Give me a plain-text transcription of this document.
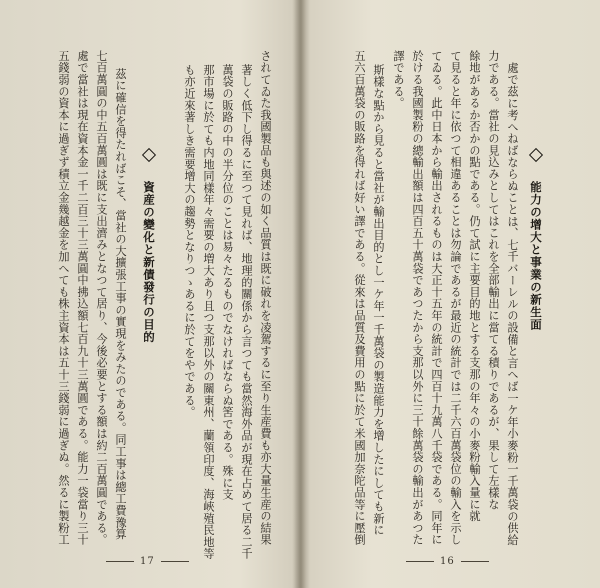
されてゐた我國製品も與述の如く品質は既に破れを凌駕するに至り生産費も亦大量生産の結果
著しく低下し得るに至つて見れば、地理的關係から言つても當然海外品が現在占めて居る二千
萬袋の販路の中の半分位のことは易々たるものでなければならぬ筈である。殊に支
那市場に於ても内地同樣年々需要の増大あり且つ支那以外の關東州、蘭領印度、海峽殖民地等
も亦近來著しき需要增大の趨勢となりつゝあるに於てをやである。
資産の變化と新債發行の目的
茲に確信を得たればこそ、當社の大擴張工事の實現をみたのである。同工事は總工費豫算
七百萬圓の中五百萬圓は既に支出濟みとなつて居り、今後必要とする額は約二百萬圓である。
處で當社は現在資本金一千二百三十三萬圓中拂込額七百九十三萬圓である。能力一袋當り三十
五錢弱の資本に過ぎず積立金幾越金を加へても株主資本は五十三錢弱に過ぎぬ。然るに製粉工
17
能力の增大と事業の新生面
處で茲に考へねばならぬことは、七千バーレルの設備と言へば一ケ年小麥粉一千萬袋の供給
力である。當社の見込みとしてはこれを全部輸出に當てる積りであるが、果して左樣な
餘地があるか否かの點である。仍て試に主要目的地とする支那の年々の小麥粉輸入量に就
て見ると年に依つて相違あることは勿論であるが最近の統計では二千六百萬袋位の輸入を示し
てゐる。此中日本から輸出されるものは大正十五年の統計で四百十九萬八千袋である。同年に
於ける我國製粉の總輸出額は四百五十萬袋であつたから支那以外に三十餘萬袋の輸出があつた
譯である。
斯樣な點から見ると當社が輸出目的とし一ケ年一千萬袋の製造能力を增したにしても新に
五六百萬袋の販路を得れば好い譯である。從來は品質及費用の點に於て米國加奈陀品等に壓倒
16
